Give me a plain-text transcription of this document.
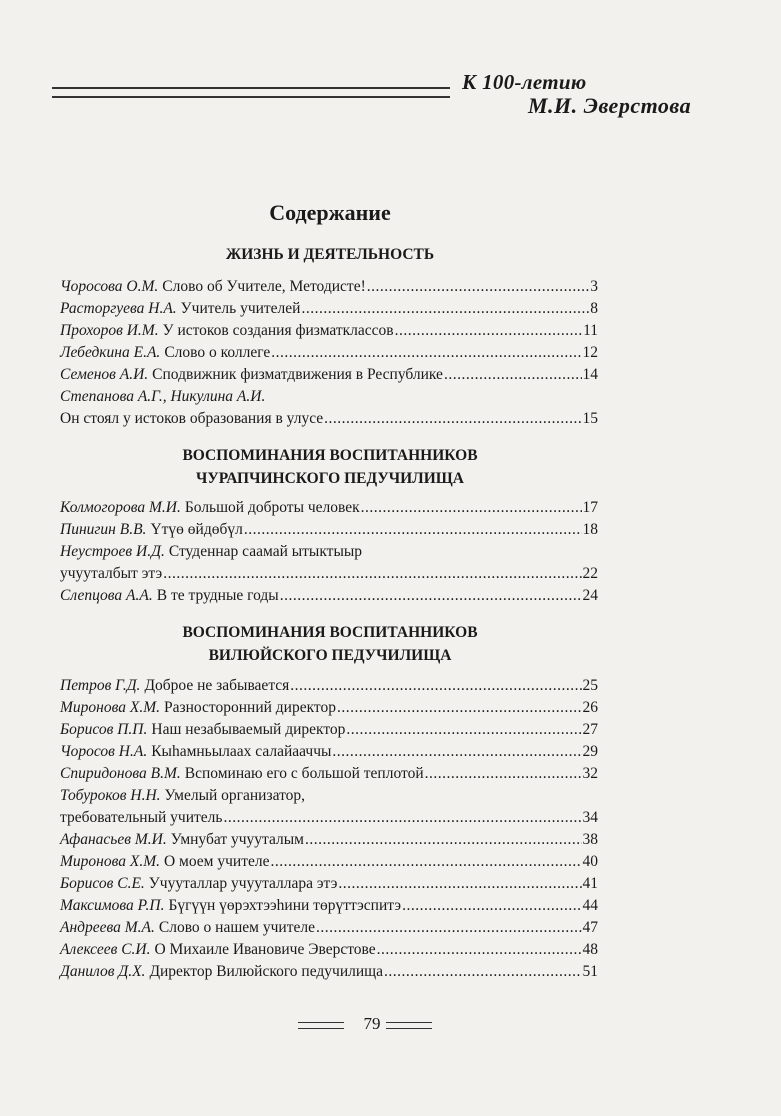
К 100-летию
М.И. Эверстова
Содержание
ЖИЗНЬ И ДЕЯТЕЛЬНОСТЬ
Чоросова О.М. Слово об Учителе, Методисте! .....	3
Расторгуева Н.А. Учитель учителей .....	8
Прохоров И.М. У истоков создания физматклассов .....	11
Лебедкина Е.А. Слово о коллеге .....	12
Семенов А.И. Сподвижник физматдвижения в Республике .....	14
Степанова А.Г., Никулина А.И.
Он стоял у истоков образования в улусе .....	15
ВОСПОМИНАНИЯ ВОСПИТАННИКОВ
ЧУРАПЧИНСКОГО ПЕДУЧИЛИЩА
Колмогорова М.И. Большой доброты человек .....	17
Пинигин В.В. Үтүө өйдөбүл .....	18
Неустроев И.Д. Студеннар саамай ытыктыыр
учууталбыт этэ .....	22
Слепцова А.А. В те трудные годы .....	24
ВОСПОМИНАНИЯ ВОСПИТАННИКОВ
ВИЛЮЙСКОГО ПЕДУЧИЛИЩА
Петров Г.Д. Доброе не забывается .....	25
Миронова Х.М. Разносторонний директор .....	26
Борисов П.П. Наш незабываемый директор .....	27
Чоросов Н.А. Кыһамньылаах салайааччы .....	29
Спиридонова В.М. Вспоминаю его с большой теплотой .....	32
Тобуроков Н.Н. Умелый организатор,
требовательный учитель .....	34
Афанасьев М.И. Умнубат учууталым .....	38
Миронова Х.М. О моем учителе .....	40
Борисов С.Е. Учууталлар учууталлара этэ .....	41
Максимова Р.П. Бүгүүн үөрэхтээһини төрүттэспитэ .....	44
Андреева М.А. Слово о нашем учителе .....	47
Алексеев С.И. О Михаиле Ивановиче Эверстове .....	48
Данилов Д.Х. Директор Вилюйского педучилища .....	51
79
